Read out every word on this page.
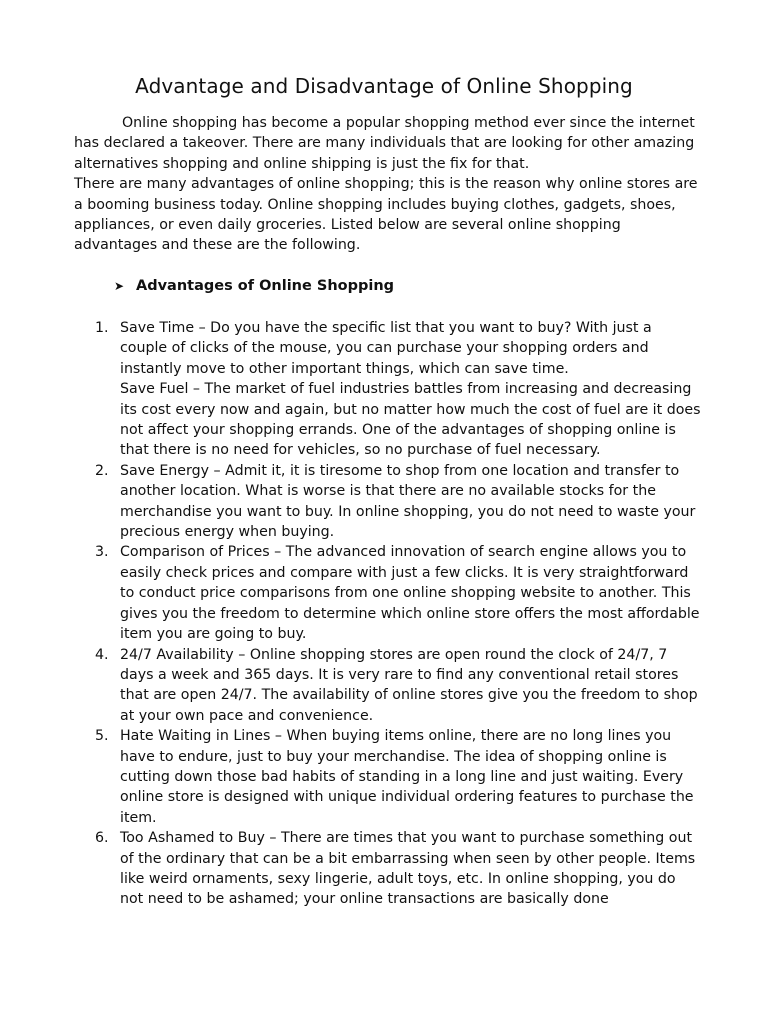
Advantage and Disadvantage of Online Shopping

Online shopping has become a popular shopping method ever since the internet has declared a takeover. There are many individuals that are looking for other amazing alternatives shopping and online shipping is just the fix for that.

There are many advantages of online shopping; this is the reason why online stores are a booming business today. Online shopping includes buying clothes, gadgets, shoes, appliances, or even daily groceries. Listed below are several online shopping advantages and these are the following.

➤ Advantages of Online Shopping
1. Save Time – Do you have the specific list that you want to buy? With just a couple of clicks of the mouse, you can purchase your shopping orders and instantly move to other important things, which can save time.

Save Fuel – The market of fuel industries battles from increasing and decreasing its cost every now and again, but no matter how much the cost of fuel are it does not affect your shopping errands. One of the advantages of shopping online is that there is no need for vehicles, so no purchase of fuel necessary.

2. Save Energy – Admit it, it is tiresome to shop from one location and transfer to another location. What is worse is that there are no available stocks for the merchandise you want to buy. In online shopping, you do not need to waste your precious energy when buying.

3. Comparison of Prices – The advanced innovation of search engine allows you to easily check prices and compare with just a few clicks. It is very straightforward to conduct price comparisons from one online shopping website to another. This gives you the freedom to determine which online store offers the most affordable item you are going to buy.

4. 24/7 Availability – Online shopping stores are open round the clock of 24/7, 7 days a week and 365 days. It is very rare to find any conventional retail stores that are open 24/7. The availability of online stores give you the freedom to shop at your own pace and convenience.

5. Hate Waiting in Lines – When buying items online, there are no long lines you have to endure, just to buy your merchandise. The idea of shopping online is cutting down those bad habits of standing in a long line and just waiting. Every online store is designed with unique individual ordering features to purchase the item.

6. Too Ashamed to Buy – There are times that you want to purchase something out of the ordinary that can be a bit embarrassing when seen by other people. Items like weird ornaments, sexy lingerie, adult toys, etc. In online shopping, you do not need to be ashamed; your online transactions are basically done
